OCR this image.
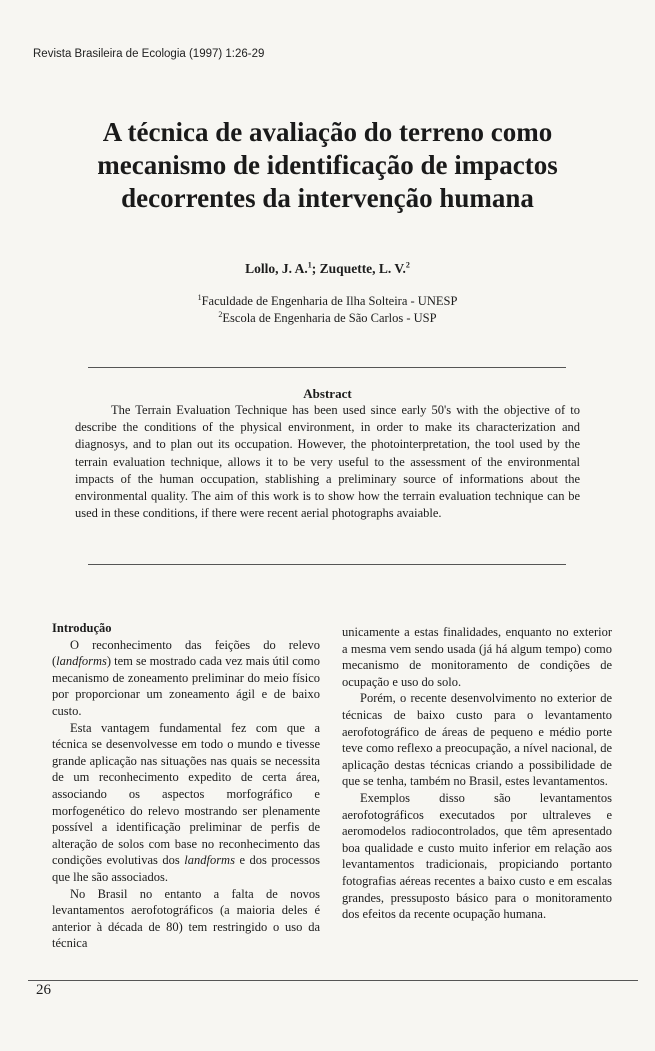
Revista Brasileira de Ecologia (1997) 1:26-29
A técnica de avaliação do terreno como
mecanismo de identificação de impactos
decorrentes da intervenção humana
Lollo, J. A.$^1$; Zuquette, L. V.$^2$
$^1$Faculdade de Engenharia de Ilha Solteira - UNESP
$^2$Escola de Engenharia de São Carlos - USP
Abstract

The Terrain Evaluation Technique has been used since early 50's with the objective of to describe the conditions of the physical environment, in order to make its characterization and diagnosys, and to plan out its occupation. However, the photointerpretation, the tool used by the terrain evaluation technique, allows it to be very useful to the assessment of the environmental impacts of the human occupation, stablishing a preliminary source of informations about the environmental quality. The aim of this work is to show how the terrain evaluation technique can be used in these conditions, if there were recent aerial photographs avaiable.

Introdução

O reconhecimento das feições do relevo (landforms) tem se mostrado cada vez mais útil como mecanismo de zoneamento preliminar do meio físico por proporcionar um zoneamento ágil e de baixo custo.

Esta vantagem fundamental fez com que a técnica se desenvolvesse em todo o mundo e tivesse grande aplicação nas situações nas quais se necessita de um reconhecimento expedito de certa área, associando os aspectos morfográfico e morfogenético do relevo mostrando ser plenamente possível a identificação preliminar de perfis de alteração de solos com base no reconhecimento das condições evolutivas dos landforms e dos processos que lhe são associados.

No Brasil no entanto a falta de novos levantamentos aerofotográficos (a maioria deles é anterior à década de 80) tem restringido o uso da técnica

unicamente a estas finalidades, enquanto no exterior a mesma vem sendo usada (já há algum tempo) como mecanismo de monitoramento de condições de ocupação e uso do solo.

Porém, o recente desenvolvimento no exterior de técnicas de baixo custo para o levantamento aerofotográfico de áreas de pequeno e médio porte teve como reflexo a preocupação, a nível nacional, de aplicação destas técnicas criando a possibilidade de que se tenha, também no Brasil, estes levantamentos.

Exemplos disso são levantamentos aerofotográficos executados por ultraleves e aeromodelos radiocontrolados, que têm apresentado boa qualidade e custo muito inferior em relação aos levantamentos tradicionais, propiciando portanto fotografias aéreas recentes a baixo custo e em escalas grandes, pressuposto básico para o monitoramento dos efeitos da recente ocupação humana.

26
